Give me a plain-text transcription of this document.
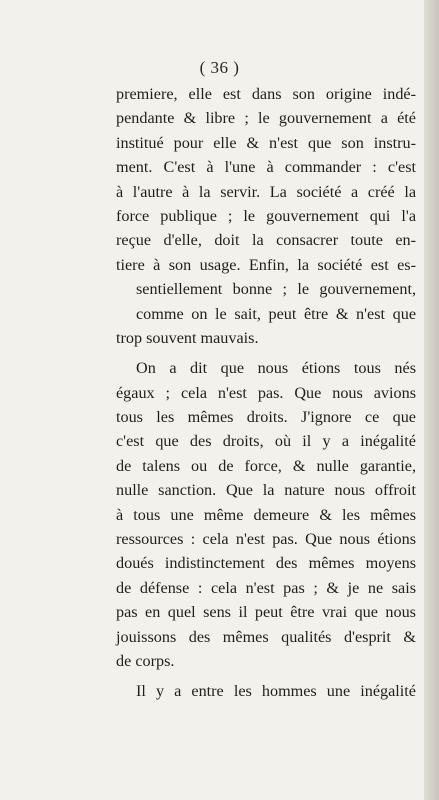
( 36 )
premiere, elle est dans son origine indé-
pendante & libre ; le gouvernement a été
institué pour elle & n'est que son instru-
ment. C'est à l'une à commander : c'est
à l'autre à la servir. La société a créé la
force publique ; le gouvernement qui l'a
reçue d'elle, doit la consacrer toute en-
tiere à son usage. Enfin, la société est es-
sentiellement bonne ; le gouvernement,
comme on le sait, peut être & n'est que
trop souvent mauvais.
On a dit que nous étions tous nés
égaux ; cela n'est pas. Que nous avions
tous les mêmes droits. J'ignore ce que
c'est que des droits, où il y a inégalité
de talens ou de force, & nulle garantie,
nulle sanction. Que la nature nous offroit
à tous une même demeure & les mêmes
ressources : cela n'est pas. Que nous étions
doués indistinctement des mêmes moyens
de défense : cela n'est pas ; & je ne sais
pas en quel sens il peut être vrai que nous
jouissons des mêmes qualités d'esprit &
de corps.
Il y a entre les hommes une inégalité
